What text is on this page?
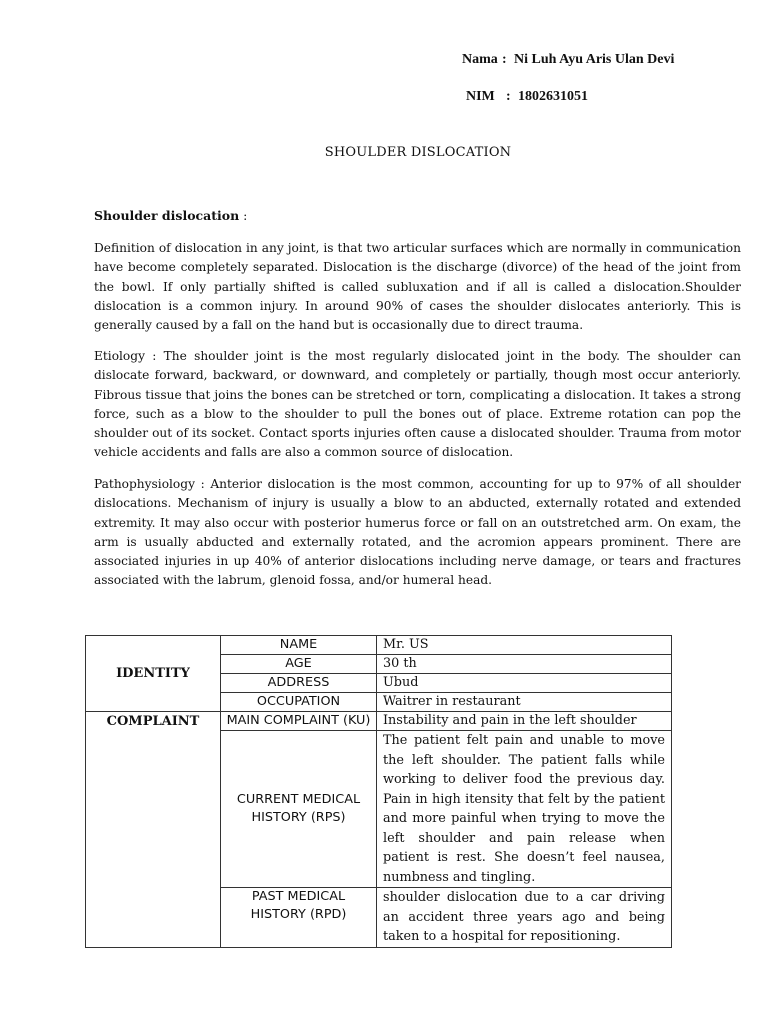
Nama : Ni Luh Ayu Aris Ulan Devi
NIM : 1802631051
SHOULDER DISLOCATION
Shoulder dislocation :

Definition of dislocation in any joint, is that two articular surfaces which are normally in communication have become completely separated. Dislocation is the discharge (divorce) of the head of the joint from the bowl. If only partially shifted is called subluxation and if all is called a dislocation.Shoulder dislocation is a common injury. In around 90% of cases the shoulder dislocates anteriorly. This is generally caused by a fall on the hand but is occasionally due to direct trauma.

Etiology : The shoulder joint is the most regularly dislocated joint in the body. The shoulder can dislocate forward, backward, or downward, and completely or partially, though most occur anteriorly. Fibrous tissue that joins the bones can be stretched or torn, complicating a dislocation. It takes a strong force, such as a blow to the shoulder to pull the bones out of place. Extreme rotation can pop the shoulder out of its socket. Contact sports injuries often cause a dislocated shoulder. Trauma from motor vehicle accidents and falls are also a common source of dislocation.

Pathophysiology : Anterior dislocation is the most common, accounting for up to 97% of all shoulder dislocations. Mechanism of injury is usually a blow to an abducted, externally rotated and extended extremity. It may also occur with posterior humerus force or fall on an outstretched arm. On exam, the arm is usually abducted and externally rotated, and the acromion appears prominent. There are associated injuries in up 40% of anterior dislocations including nerve damage, or tears and fractures associated with the labrum, glenoid fossa, and/or humeral head.

IDENTITY	NAME	Mr. US
	AGE	30 th
	ADDRESS	Ubud
	OCCUPATION	Waitrer in restaurant
COMPLAINT	MAIN COMPLAINT (KU)	Instability and pain in the left shoulder
	CURRENT MEDICAL HISTORY (RPS)	The patient felt pain and unable to move the left shoulder. The patient falls while working to deliver food the previous day. Pain in high itensity that felt by the patient and more painful when trying to move the left shoulder and pain release when patient is rest. She doesn’t feel nausea, numbness and tingling.
	PAST MEDICAL HISTORY (RPD)	shoulder dislocation due to a car driving an accident three years ago and being taken to a hospital for repositioning.
